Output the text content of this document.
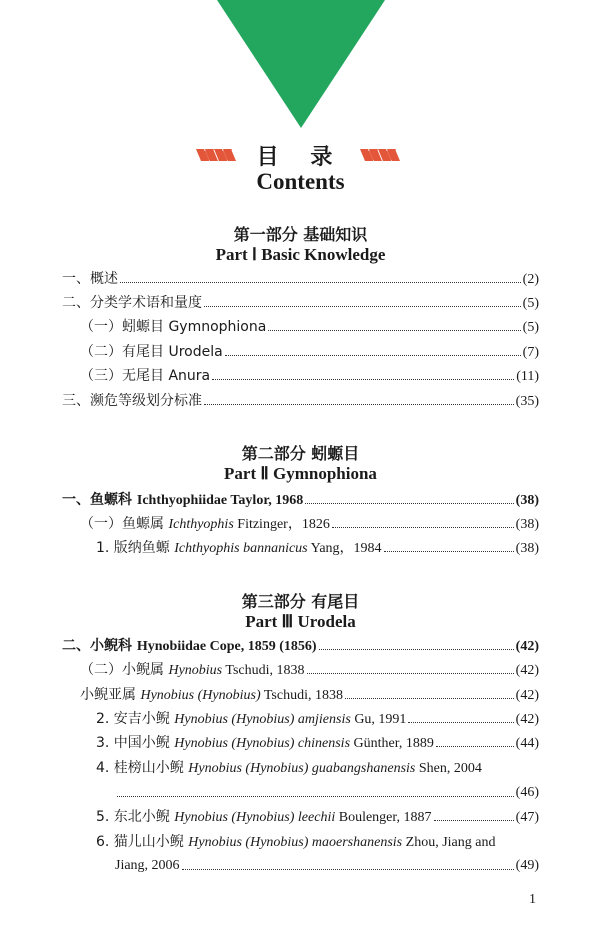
目 录
Contents
第一部分 基础知识
Part Ⅰ Basic Knowledge
一、概述	(2)
二、分类学术语和量度	(5)
（一）蚓螈目 Gymnophiona	(5)
（二）有尾目 Urodela	(7)
（三）无尾目 Anura	(11)
三、濒危等级划分标准	(35)
第二部分 蚓螈目
Part Ⅱ Gymnophiona
一、鱼螈科 Ichthyophiidae Taylor, 1968	(38)
（一）鱼螈属 Ichthyophis Fitzinger，1826	(38)
1. 版纳鱼螈 Ichthyophis bannanicus Yang，1984	(38)
第三部分 有尾目
Part Ⅲ Urodela
二、小鲵科 Hynobiidae Cope, 1859 (1856)	(42)
（二）小鲵属 Hynobius Tschudi, 1838	(42)
小鲵亚属 Hynobius (Hynobius) Tschudi, 1838	(42)
2. 安吉小鲵 Hynobius (Hynobius) amjiensis Gu, 1991	(42)
3. 中国小鲵 Hynobius (Hynobius) chinensis Günther, 1889	(44)
4. 桂榜山小鲵 Hynobius (Hynobius) guabangshanensis Shen, 2004
(46)
5. 东北小鲵 Hynobius (Hynobius) leechii Boulenger, 1887	(47)
6. 猫儿山小鲵 Hynobius (Hynobius) maoershanensis Zhou, Jiang and
Jiang, 2006	(49)
1
